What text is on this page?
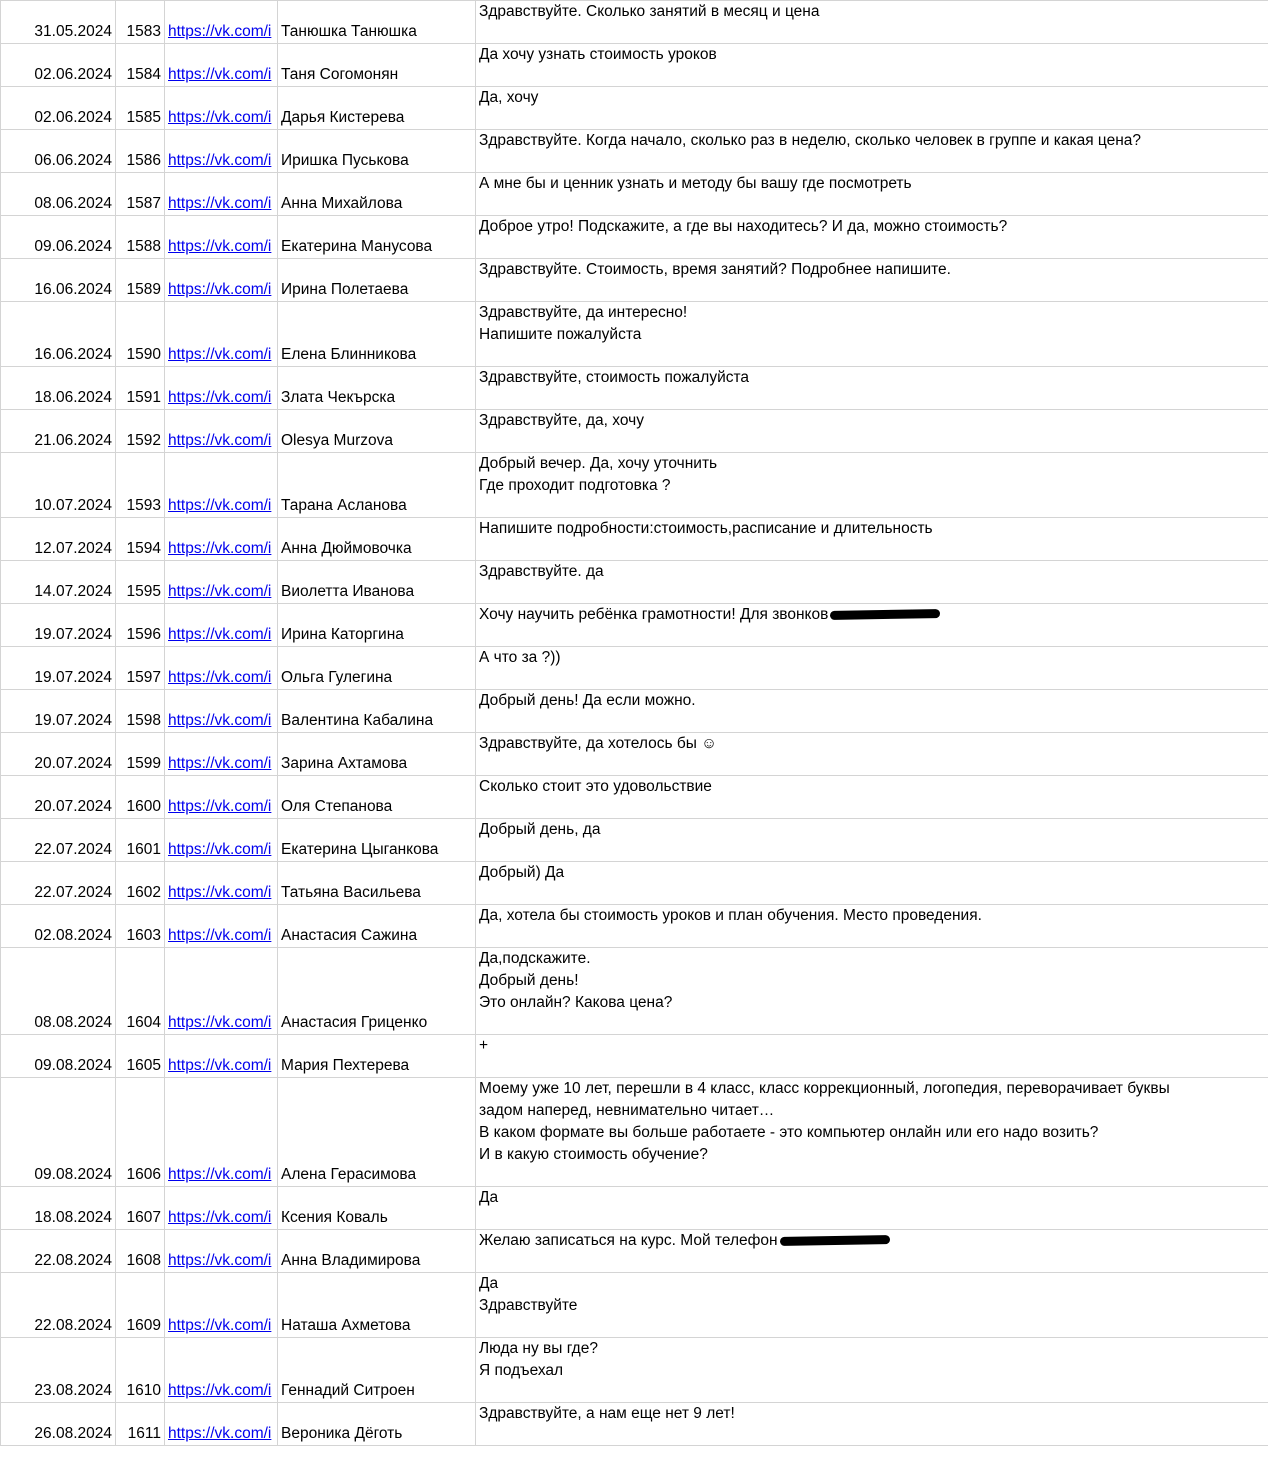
31.05.2024	1583	https://vk.com/i	Танюшка Танюшка	Здравствуйте. Сколько занятий в месяц и цена

02.06.2024	1584	https://vk.com/i	Таня Согомонян	Да хочу узнать стоимость уроков

02.06.2024	1585	https://vk.com/i	Дарья Кистерева	Да, хочу

06.06.2024	1586	https://vk.com/i	Иришка Пуськова	Здравствуйте. Когда начало, сколько раз в неделю, сколько человек в группе и какая цена?

08.06.2024	1587	https://vk.com/i	Анна Михайлова	А мне бы и ценник узнать и методу бы вашу где посмотреть

09.06.2024	1588	https://vk.com/i	Екатерина Манусова	Доброе утро! Подскажите, а где вы находитесь? И да, можно стоимость?

16.06.2024	1589	https://vk.com/i	Ирина Полетаева	Здравствуйте. Стоимость, время занятий? Подробнее напишите.

16.06.2024	1590	https://vk.com/i	Елена Блинникова	Здравствуйте, да интересно!
Напишите пожалуйста

18.06.2024	1591	https://vk.com/i	Злата Чекърска	Здравствуйте, стоимость пожалуйста

21.06.2024	1592	https://vk.com/i	Olesya Murzova	Здравствуйте, да, хочу

10.07.2024	1593	https://vk.com/i	Тарана Асланова	Добрый вечер. Да, хочу уточнить
Где проходит подготовка ?

12.07.2024	1594	https://vk.com/i	Анна Дюймовочка	Напишите подробности:стоимость,расписание и длительность

14.07.2024	1595	https://vk.com/i	Виолетта Иванова	Здравствуйте. да

19.07.2024	1596	https://vk.com/i	Ирина Каторгина	Хочу научить ребёнка грамотности! Для звонков

19.07.2024	1597	https://vk.com/i	Ольга Гулегина	А что за ?))

19.07.2024	1598	https://vk.com/i	Валентина Кабалина	Добрый день! Да если можно.

20.07.2024	1599	https://vk.com/i	Зарина Ахтамова	Здравствуйте, да хотелось бы ☺

20.07.2024	1600	https://vk.com/i	Оля Степанова	Сколько стоит это удовольствие

22.07.2024	1601	https://vk.com/i	Екатерина Цыганкова	Добрый день, да

22.07.2024	1602	https://vk.com/i	Татьяна Васильева	Добрый) Да

02.08.2024	1603	https://vk.com/i	Анастасия Сажина	Да, хотела бы стоимость уроков и план обучения. Место проведения.

08.08.2024	1604	https://vk.com/i	Анастасия Гриценко	Да,подскажите.
Добрый день!
Это онлайн? Какова цена?

09.08.2024	1605	https://vk.com/i	Мария Пехтерева	+

09.08.2024	1606	https://vk.com/i	Алена Герасимова	Моему уже 10 лет, перешли в 4 класс, класс коррекционный, логопедия, переворачивает буквы
задом наперед, невнимательно читает…
В каком формате вы больше работаете - это компьютер онлайн или его надо возить?
И в какую стоимость обучение?

18.08.2024	1607	https://vk.com/i	Ксения Коваль	Да

22.08.2024	1608	https://vk.com/i	Анна Владимирова	Желаю записаться на курс. Мой телефон

22.08.2024	1609	https://vk.com/i	Наташа Ахметова	Да
Здравствуйте

23.08.2024	1610	https://vk.com/i	Геннадий Ситроен	Люда ну вы где?
Я подъехал

26.08.2024	1611	https://vk.com/i	Вероника Дёготь	Здравствуйте, а нам еще нет 9 лет!
